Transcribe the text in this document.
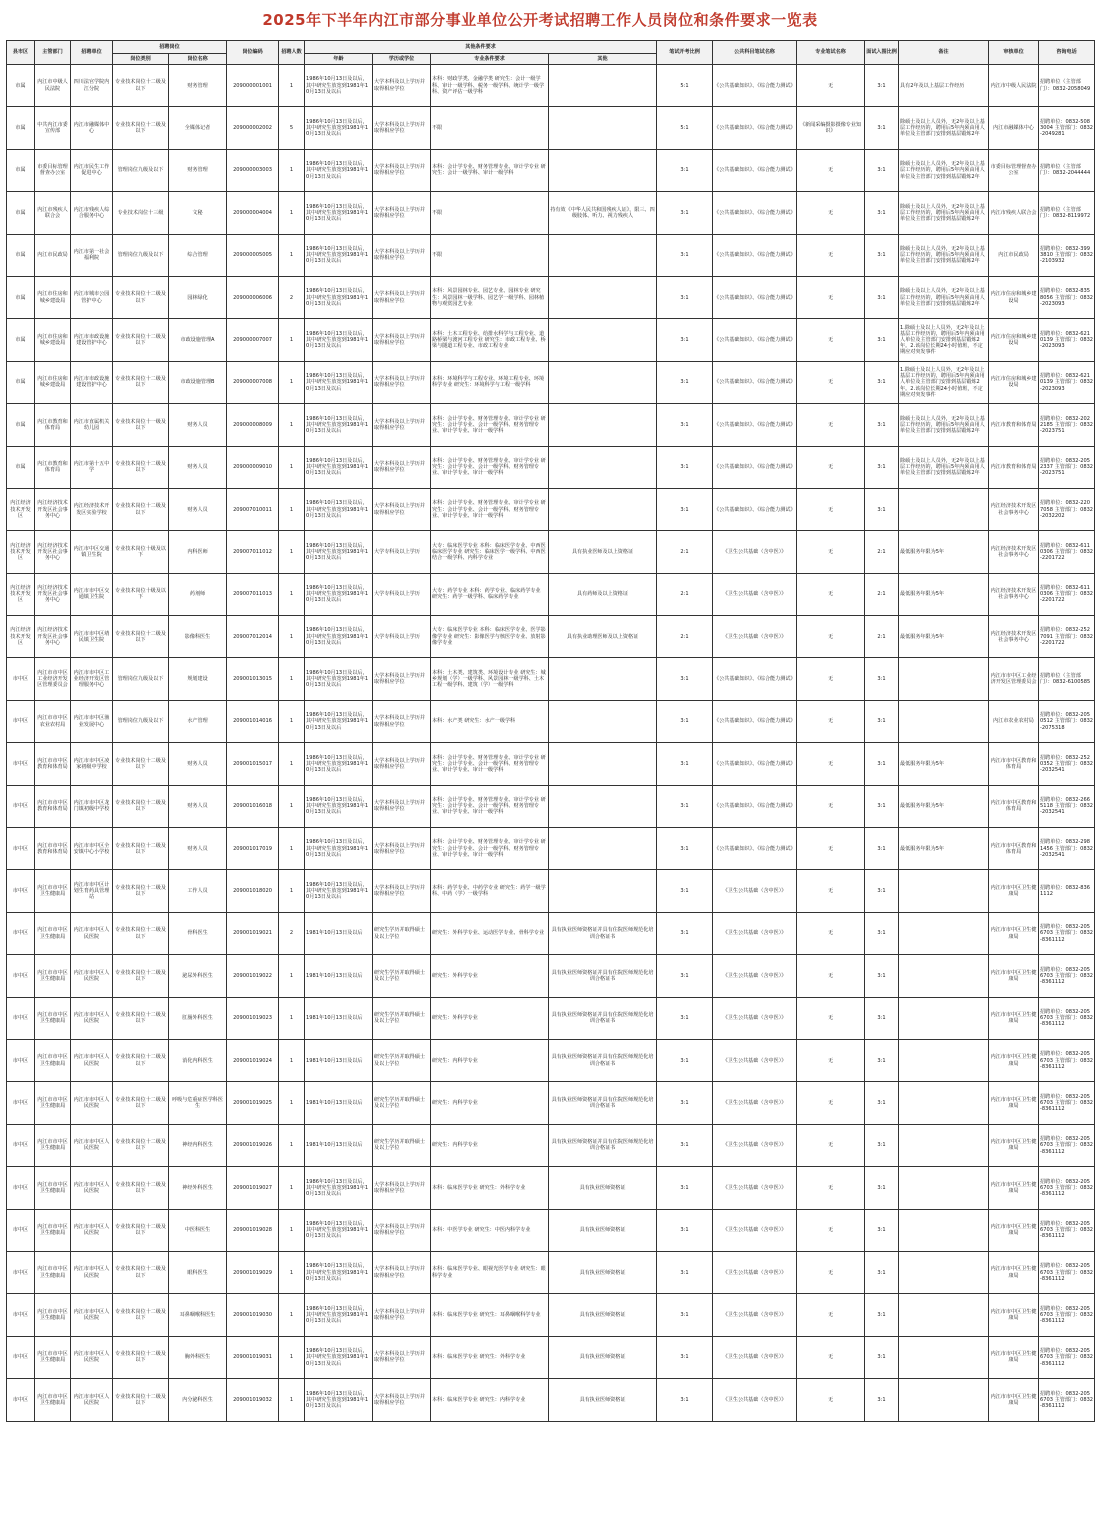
2025年下半年内江市部分事业单位公开考试招聘工作人员岗位和条件要求一览表
县市区	主管部门	招聘单位	招聘岗位		岗位编码	招聘人数	其他条件要求				笔试开考比例	公共科目笔试名称	专业笔试名称	面试入围比例	备注	审核单位	咨询电话
			岗位类别	岗位名称			年龄	学历或学位	专业条件要求	其他							
市属	内江市中级人民法院	四川法官学院内江分院	专业技术岗位十二级及以下	财务管理	209000001001	1	1986年10月13日及以后，其中研究生放宽到1981年10月13日及以后	大学本科及以上学历并取得相应学位	本科：财政学类、金融学类 研究生：会计一级学科、审计一级学科、税务一级学科、统计学一级学科、资产评估一级学科		5:1	《公共基础知识》、《综合能力测试》	无	3:1	具有2年及以上基层工作经历	内江市中级人民法院	招聘单位（主管部门）：0832-2058049
市属	中共内江市委宣传部	内江市融媒体中心	专业技术岗位十二级及以下	全媒体记者	209000002002	5	1986年10月13日及以后，其中研究生放宽到1981年10月13日及以后	大学本科及以上学历并取得相应学位	不限		5:1	《公共基础知识》、《综合能力测试》	《新闻采编摄影摄像专业知识》	3:1	除硕士及以上人员外，无2年及以上基层工作经历的，聘用后5年内须由用人单位及主管部门安排到基层锻炼2年	内江市融媒体中心	招聘单位：0832-5083004 主管部门：0832-2049281
市属	市委目标管理督查办公室	内江市民生工作促进中心	管理岗位九级及以下	财务管理	209000003003	1	1986年10月13日及以后，其中研究生放宽到1981年10月13日及以后	大学本科及以上学历并取得相应学位	本科：会计学专业、财务管理专业、审计学专业 研究生：会计一级学科、审计一级学科		3:1	《公共基础知识》、《综合能力测试》	无	3:1	除硕士及以上人员外，无2年及以上基层工作经历的，聘用后5年内须由用人单位及主管部门安排到基层锻炼2年	市委目标管理督查办公室	招聘单位（主管部门）：0832-2044444
市属	内江市残疾人联合会	内江市残疾人综合服务中心	专业技术岗位十三级	文秘	209000004004	1	1986年10月13日及以后，其中研究生放宽到1981年10月13日及以后	大学本科及以上学历并取得相应学位	不限	持有效《中华人民共和国残疾人证》，限三、四级肢体、听力、视力残疾人	3:1	《公共基础知识》、《综合能力测试》	无	3:1	除硕士及以上人员外，无2年及以上基层工作经历的，聘用后5年内须由用人单位及主管部门安排到基层锻炼2年	内江市残疾人联合会	招聘单位（主管部门）：0832-8119972
市属	内江市民政局	内江市第一社会福利院	管理岗位九级及以下	综合管理	209000005005	1	1986年10月13日及以后，其中研究生放宽到1981年10月13日及以后	大学本科及以上学历并取得相应学位	不限		3:1	《公共基础知识》、《综合能力测试》	无	3:1	除硕士及以上人员外，无2年及以上基层工作经历的，聘用后5年内须由用人单位及主管部门安排到基层锻炼2年	内江市民政局	招聘单位：0832-3993810 主管部门：0832-2103932
市属	内江市住房和城乡建设局	内江市城市公园管护中心	专业技术岗位十二级及以下	园林绿化	209000006006	2	1986年10月13日及以后，其中研究生放宽到1981年10月13日及以后	大学本科及以上学历并取得相应学位	本科：风景园林专业、园艺专业、园林专业 研究生：风景园林一级学科、园艺学一级学科、园林植物与观赏园艺专业		3:1	《公共基础知识》、《综合能力测试》	无	3:1	除硕士及以上人员外，无2年及以上基层工作经历的，聘用后5年内须由用人单位及主管部门安排到基层锻炼2年	内江市住房和城乡建设局	招聘单位：0832-8358056 主管部门：0832-2023093
市属	内江市住房和城乡建设局	内江市市政设施建设管护中心	专业技术岗位十二级及以下	市政设施管理A	209000007007	1	1986年10月13日及以后，其中研究生放宽到1981年10月13日及以后	大学本科及以上学历并取得相应学位	本科：土木工程专业、给排水科学与工程专业、道路桥梁与渡河工程专业 研究生：市政工程专业、桥梁与隧道工程专业、市政工程专业		3:1	《公共基础知识》、《综合能力测试》	无	3:1	1.除硕士及以上人员外，无2年及以上基层工作经历的，聘用后5年内须由用人单位及主管部门安排到基层锻炼2年。2.该岗位长期24小时值班，不定期应对突发事件	内江市住房和城乡建设局	招聘单位：0832-6210139 主管部门：0832-2023093
市属	内江市住房和城乡建设局	内江市市政设施建设管护中心	专业技术岗位十二级及以下	市政设施管理B	209000007008	1	1986年10月13日及以后，其中研究生放宽到1981年10月13日及以后	大学本科及以上学历并取得相应学位	本科：环境科学与工程专业、环境工程专业、环境科学专业 研究生：环境科学与工程一级学科		3:1	《公共基础知识》、《综合能力测试》	无	3:1	1.除硕士及以上人员外，无2年及以上基层工作经历的，聘用后5年内须由用人单位及主管部门安排到基层锻炼2年。2.该岗位长期24小时值班，不定期应对突发事件	内江市住房和城乡建设局	招聘单位：0832-6210139 主管部门：0832-2023093
市属	内江市教育和体育局	内江市直属机关幼儿园	专业技术岗位十一级及以下	财务人员	209000008009	1	1986年10月13日及以后，其中研究生放宽到1981年10月13日及以后	大学本科及以上学历并取得相应学位	本科：会计学专业、财务管理专业、审计学专业 研究生：会计学专业、会计一级学科、财务管理专业、审计学专业、审计一级学科		3:1	《公共基础知识》、《综合能力测试》	无	3:1	除硕士及以上人员外，无2年及以上基层工作经历的，聘用后5年内须由用人单位及主管部门安排到基层锻炼2年	内江市教育和体育局	招聘单位：0832-2022185 主管部门：0832-2023751
市属	内江市教育和体育局	内江市第十五中学	专业技术岗位十二级及以下	财务人员	209000009010	1	1986年10月13日及以后，其中研究生放宽到1981年10月13日及以后	大学本科及以上学历并取得相应学位	本科：会计学专业、财务管理专业、审计学专业 研究生：会计学专业、会计一级学科、财务管理专业、审计学专业、审计一级学科		3:1	《公共基础知识》、《综合能力测试》	无	3:1	除硕士及以上人员外，无2年及以上基层工作经历的，聘用后5年内须由用人单位及主管部门安排到基层锻炼2年	内江市教育和体育局	招聘单位：0832-2052337 主管部门：0832-2023751
内江经济技术开发区	内江经济技术开发区社会事务中心	内江经济技术开发区实验学校	专业技术岗位十二级及以下	财务人员	209007010011	1	1986年10月13日及以后，其中研究生放宽到1981年10月13日及以后	大学本科及以上学历并取得相应学位	本科：会计学专业、财务管理专业、审计学专业 研究生：会计学专业、会计一级学科、财务管理专业、审计学专业、审计一级学科		3:1	《公共基础知识》、《综合能力测试》	无	3:1		内江经济技术开发区社会事务中心	招聘单位：0832-2207058 主管部门：0832-2032202
内江经济技术开发区	内江经济技术开发区社会事务中心	内江市中区交通镇卫生院	专业技术岗位十级及以下	内科医师	209007011012	1	1986年10月13日及以后，其中研究生放宽到1981年10月13日及以后	大学专科及以上学历	大专：临床医学专业 本科：临床医学专业、中西医临床医学专业 研究生：临床医学一级学科、中西医结合一级学科、内科学专业	具有执业医师及以上资格证	2:1	《卫生公共基础（含中医）》	无	2:1	最低服务年限为5年	内江经济技术开发区社会事务中心	招聘单位：0832-6110306 主管部门：0832-2201722
内江经济技术开发区	内江经济技术开发区社会事务中心	内江市市中区交通镇卫生院	专业技术岗位十级及以下	药剂师	209007011013	1	1986年10月13日及以后，其中研究生放宽到1981年10月13日及以后	大学专科及以上学历	大专：药学专业 本科：药学专业、临床药学专业 研究生：药学一级学科、临床药学专业	具有药师及以上资格证	2:1	《卫生公共基础（含中医）》	无	2:1	最低服务年限为5年	内江经济技术开发区社会事务中心	招聘单位：0832-6110306 主管部门：0832-2201722
内江经济技术开发区	内江经济技术开发区社会事务中心	内江市市中区靖民镇卫生院	专业技术岗位十二级及以下	影像科医生	209007012014	1	1986年10月13日及以后，其中研究生放宽到1981年10月13日及以后	大学专科及以上学历	大专：临床医学专业 本科：临床医学专业、医学影像学专业 研究生：影像医学与核医学专业、放射影像学专业	具有执业助理医师及以上资格证	2:1	《卫生公共基础（含中医）》	无	2:1	最低服务年限为5年	内江经济技术开发区社会事务中心	招聘单位：0832-2527091 主管部门：0832-2201722
市中区	内江市市中区工业经济开发区管理委员会	内江市市中区工业经济开发区管理服务中心	管理岗位九级及以下	规划建设	209001013015	1	1986年10月13日及以后，其中研究生放宽到1981年10月13日及以后	大学本科及以上学历并取得相应学位	本科：土木类、建筑类、环境设计专业 研究生：城乡规划（学）一级学科、风景园林一级学科、土木工程一级学科、建筑（学）一级学科		3:1	《公共基础知识》、《综合能力测试》	无	3:1		内江市市中区工业经济开发区管理委员会	招聘单位（主管部门）：0832-6100585
市中区	内江市市中区农业农村局	内江市市中区渔业发展中心	管理岗位九级及以下	水产管理	209001014016	1	1986年10月13日及以后，其中研究生放宽到1981年10月13日及以后	大学本科及以上学历并取得相应学位	本科：水产类 研究生：水产一级学科		3:1	《公共基础知识》、《综合能力测试》	无	3:1		内江市农业农村局	招聘单位：0832-2050512 主管部门：0832-2075318
市中区	内江市市中区教育和体育局	内江市市中区凌家初级中学校	专业技术岗位十二级及以下	财务人员	209001015017	1	1986年10月13日及以后，其中研究生放宽到1981年10月13日及以后	大学本科及以上学历并取得相应学位	本科：会计学专业、财务管理专业、审计学专业 研究生：会计学专业、会计一级学科、财务管理专业、审计学专业、审计一级学科		3:1	《公共基础知识》、《综合能力测试》	无	3:1	最低服务年限为5年	内江市市中区教育和体育局	招聘单位：0832-2520352 主管部门：0832-2032541
市中区	内江市市中区教育和体育局	内江市市中区龙门镇初级中学校	专业技术岗位十二级及以下	财务人员	209001016018	1	1986年10月13日及以后，其中研究生放宽到1981年10月13日及以后	大学本科及以上学历并取得相应学位	本科：会计学专业、财务管理专业、审计学专业 研究生：会计学专业、会计一级学科、财务管理专业、审计学专业、审计一级学科		3:1	《公共基础知识》、《综合能力测试》	无	3:1	最低服务年限为5年	内江市市中区教育和体育局	招聘单位：0832-2665118 主管部门：0832-2032541
市中区	内江市市中区教育和体育局	内江市市中区全安镇中心小学校	专业技术岗位十二级及以下	财务人员	209001017019	1	1986年10月13日及以后，其中研究生放宽到1981年10月13日及以后	大学本科及以上学历并取得相应学位	本科：会计学专业、财务管理专业、审计学专业 研究生：会计学专业、会计一级学科、财务管理专业、审计学专业、审计一级学科		3:1	《公共基础知识》、《综合能力测试》	无	3:1	最低服务年限为5年	内江市市中区教育和体育局	招聘单位：0832-2981456 主管部门：0832-2032541
市中区	内江市市中区卫生健康局	内江市市中区计划生育药具管理站	专业技术岗位十二级及以下	工作人员	209001018020	1	1986年10月13日及以后，其中研究生放宽到1981年10月13日及以后	大学本科及以上学历并取得相应学位	本科：药学专业、中药学专业 研究生：药学一级学科、中药（学）一级学科		3:1	《卫生公共基础（含中医）》	无	3:1		内江市市中区卫生健康局	招聘单位：0832-8361112
市中区	内江市市中区卫生健康局	内江市市中区人民医院	专业技术岗位十二级及以下	骨科医生	209001019021	2	1981年10月13日及以后	研究生学历并取得硕士及以上学位	研究生：外科学专业、运动医学专业、骨科学专业	具有执业医师资格证并具有住院医师规范化培训合格证书	3:1	《卫生公共基础（含中医）》	无	3:1		内江市市中区卫生健康局	招聘单位：0832-2056703 主管部门：0832-8361112
市中区	内江市市中区卫生健康局	内江市市中区人民医院	专业技术岗位十二级及以下	泌尿外科医生	209001019022	1	1981年10月13日及以后	研究生学历并取得硕士及以上学位	研究生：外科学专业	具有执业医师资格证并具有住院医师规范化培训合格证书	3:1	《卫生公共基础（含中医）》	无	3:1		内江市市中区卫生健康局	招聘单位：0832-2056703 主管部门：0832-8361112
市中区	内江市市中区卫生健康局	内江市市中区人民医院	专业技术岗位十二级及以下	肛肠外科医生	209001019023	1	1981年10月13日及以后	研究生学历并取得硕士及以上学位	研究生：外科学专业	具有执业医师资格证并具有住院医师规范化培训合格证书	3:1	《卫生公共基础（含中医）》	无	3:1		内江市市中区卫生健康局	招聘单位：0832-2056703 主管部门：0832-8361112
市中区	内江市市中区卫生健康局	内江市市中区人民医院	专业技术岗位十二级及以下	消化内科医生	209001019024	1	1981年10月13日及以后	研究生学历并取得硕士及以上学位	研究生：内科学专业	具有执业医师资格证并具有住院医师规范化培训合格证书	3:1	《卫生公共基础（含中医）》	无	3:1		内江市市中区卫生健康局	招聘单位：0832-2056703 主管部门：0832-8361112
市中区	内江市市中区卫生健康局	内江市市中区人民医院	专业技术岗位十二级及以下	呼吸与危重症医学科医生	209001019025	1	1981年10月13日及以后	研究生学历并取得硕士及以上学位	研究生：内科学专业	具有执业医师资格证并具有住院医师规范化培训合格证书	3:1	《卫生公共基础（含中医）》	无	3:1		内江市市中区卫生健康局	招聘单位：0832-2056703 主管部门：0832-8361112
市中区	内江市市中区卫生健康局	内江市市中区人民医院	专业技术岗位十二级及以下	神经内科医生	209001019026	1	1981年10月13日及以后	研究生学历并取得硕士及以上学位	研究生：内科学专业	具有执业医师资格证并具有住院医师规范化培训合格证书	3:1	《卫生公共基础（含中医）》	无	3:1		内江市市中区卫生健康局	招聘单位：0832-2056703 主管部门：0832-8361112
市中区	内江市市中区卫生健康局	内江市市中区人民医院	专业技术岗位十二级及以下	神经外科医生	209001019027	1	1986年10月13日及以后，其中研究生放宽到1981年10月13日及以后	大学本科及以上学历并取得相应学位	本科：临床医学专业 研究生：外科学专业	具有执业医师资格证	3:1	《卫生公共基础（含中医）》	无	3:1		内江市市中区卫生健康局	招聘单位：0832-2056703 主管部门：0832-8361112
市中区	内江市市中区卫生健康局	内江市市中区人民医院	专业技术岗位十二级及以下	中医科医生	209001019028	1	1986年10月13日及以后，其中研究生放宽到1981年10月13日及以后	大学本科及以上学历并取得相应学位	本科：中医学专业 研究生：中医内科学专业	具有执业医师资格证	3:1	《卫生公共基础（含中医）》	无	3:1		内江市市中区卫生健康局	招聘单位：0832-2056703 主管部门：0832-8361112
市中区	内江市市中区卫生健康局	内江市市中区人民医院	专业技术岗位十二级及以下	眼科医生	209001019029	1	1986年10月13日及以后，其中研究生放宽到1981年10月13日及以后	大学本科及以上学历并取得相应学位	本科：临床医学专业、眼视光医学专业 研究生：眼科学专业	具有执业医师资格证	3:1	《卫生公共基础（含中医）》	无	3:1		内江市市中区卫生健康局	招聘单位：0832-2056703 主管部门：0832-8361112
市中区	内江市市中区卫生健康局	内江市市中区人民医院	专业技术岗位十二级及以下	耳鼻咽喉科医生	209001019030	1	1986年10月13日及以后，其中研究生放宽到1981年10月13日及以后	大学本科及以上学历并取得相应学位	本科：临床医学专业 研究生：耳鼻咽喉科学专业	具有执业医师资格证	3:1	《卫生公共基础（含中医）》	无	3:1		内江市市中区卫生健康局	招聘单位：0832-2056703 主管部门：0832-8361112
市中区	内江市市中区卫生健康局	内江市市中区人民医院	专业技术岗位十二级及以下	胸外科医生	209001019031	1	1986年10月13日及以后，其中研究生放宽到1981年10月13日及以后	大学本科及以上学历并取得相应学位	本科：临床医学专业 研究生：外科学专业	具有执业医师资格证	3:1	《卫生公共基础（含中医）》	无	3:1		内江市市中区卫生健康局	招聘单位：0832-2056703 主管部门：0832-8361112
市中区	内江市市中区卫生健康局	内江市市中区人民医院	专业技术岗位十二级及以下	内分泌科医生	209001019032	1	1986年10月13日及以后，其中研究生放宽到1981年10月13日及以后	大学本科及以上学历并取得相应学位	本科：临床医学专业 研究生：内科学专业	具有执业医师资格证	3:1	《卫生公共基础（含中医）》	无	3:1		内江市市中区卫生健康局	招聘单位：0832-2056703 主管部门：0832-8361112
